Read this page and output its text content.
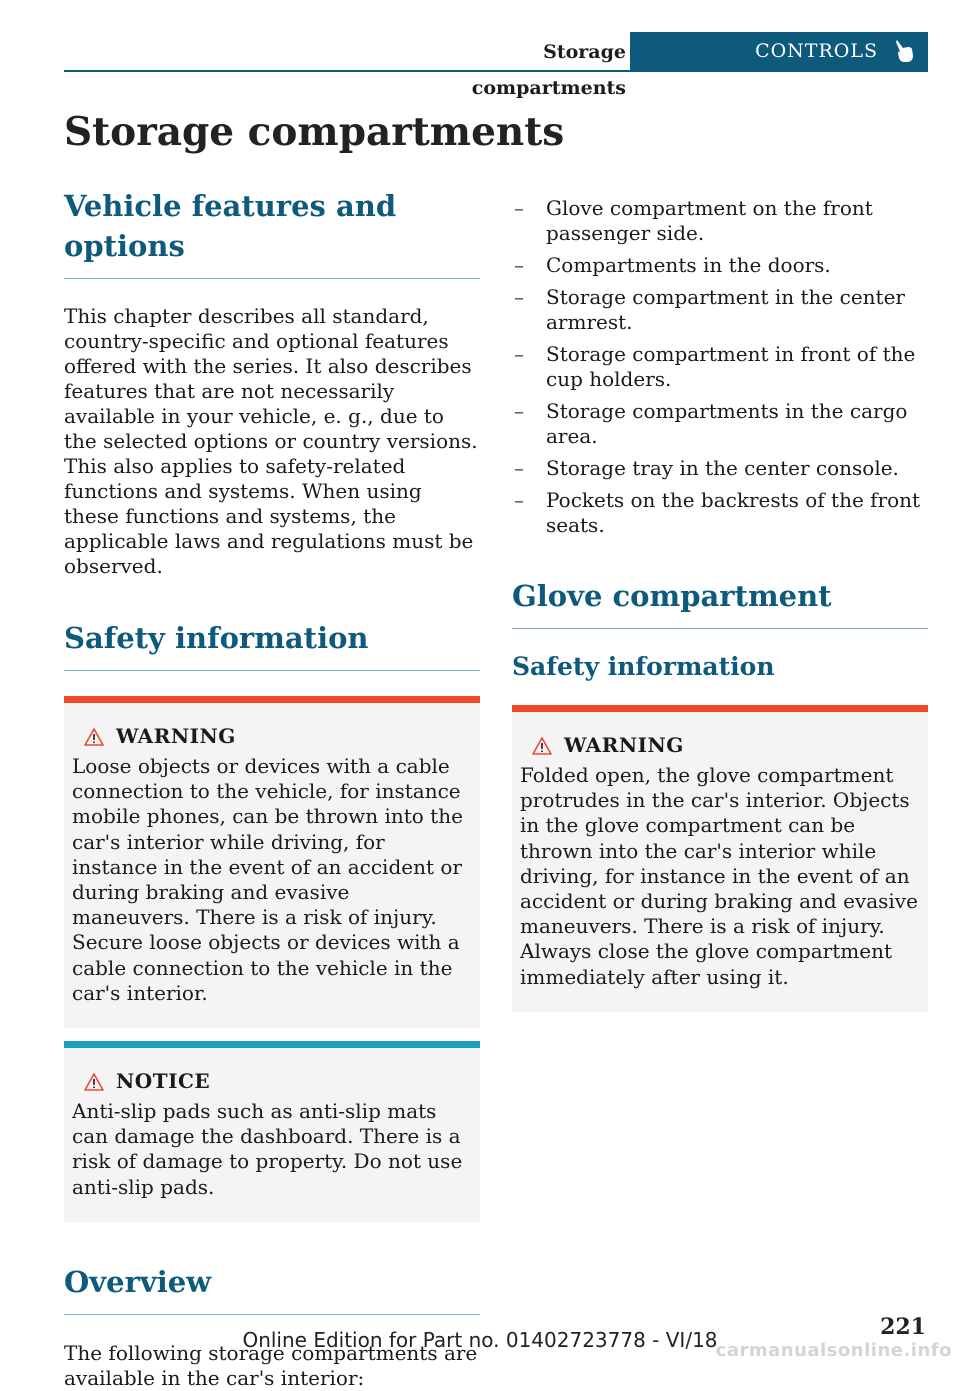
Storage compartments
CONTROLS
Storage compartments
Vehicle features and options

This chapter describes all standard, country-specific and optional features offered with the series. It also describes features that are not necessarily available in your vehicle, e. g., due to the selected options or country versions. This also applies to safety-related functions and systems. When using these functions and systems, the applicable laws and regulations must be observed.

Safety information
WARNING

Loose objects or devices with a cable connection to the vehicle, for instance mobile phones, can be thrown into the car's interior while driving, for instance in the event of an accident or during braking and evasive maneuvers. There is a risk of injury. Secure loose objects or devices with a cable connection to the vehicle in the car's interior.

NOTICE

Anti-slip pads such as anti-slip mats can damage the dashboard. There is a risk of damage to property. Do not use anti-slip pads.

Overview

The following storage compartments are available in the car's interior:

– Glove compartment on the front passenger side.
– Compartments in the doors.
– Storage compartment in the center armrest.
– Storage compartment in front of the cup holders.
– Storage compartments in the cargo area.
– Storage tray in the center console.
– Pockets on the backrests of the front seats.
Glove compartment
Safety information
WARNING

Folded open, the glove compartment protrudes in the car's interior. Objects in the glove compartment can be thrown into the car's interior while driving, for instance in the event of an accident or during braking and evasive maneuvers. There is a risk of injury. Always close the glove compartment immediately after using it.

221
Online Edition for Part no. 01402723778 - VI/18
carmanualsonline.info
